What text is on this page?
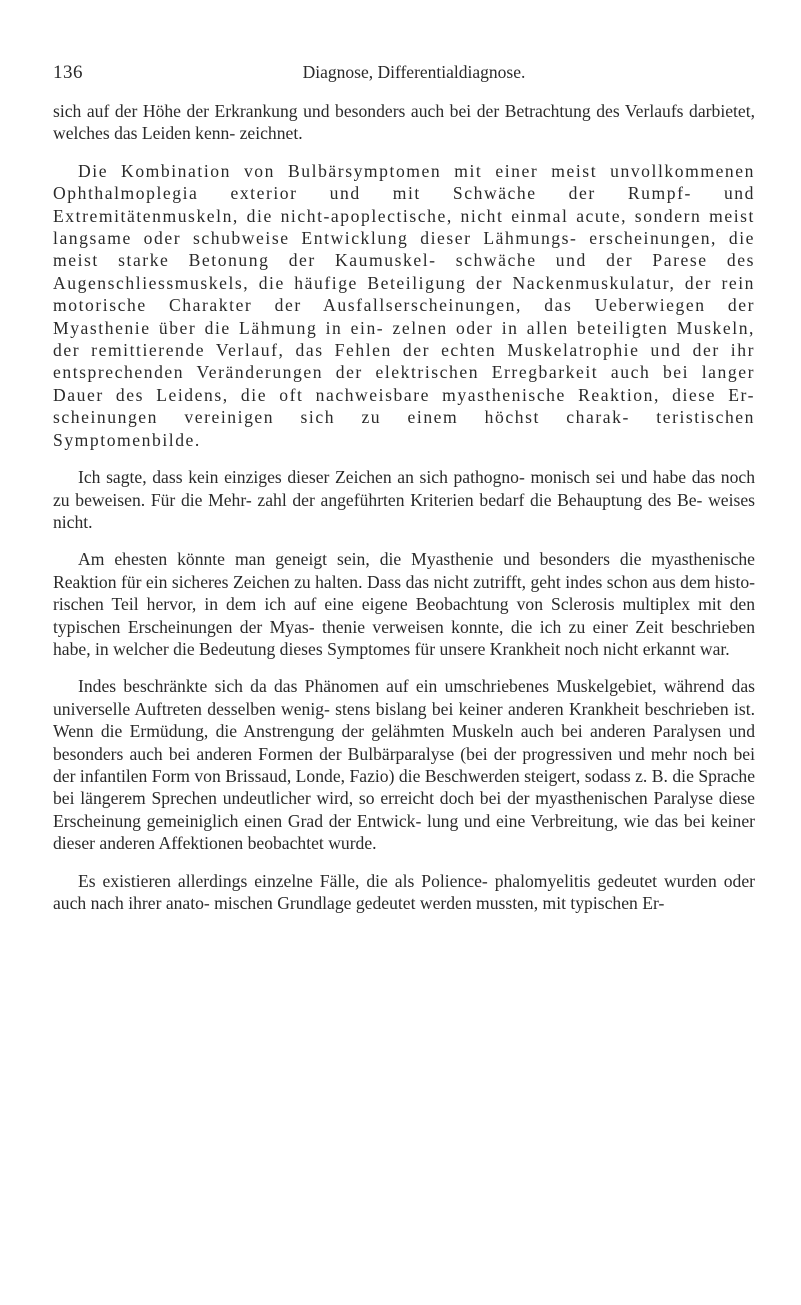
136	Diagnose, Differentialdiagnose.

sich auf der Höhe der Erkrankung und besonders auch bei der Betrachtung des Verlaufs darbietet, welches das Leiden kenn- zeichnet.

Die Kombination von Bulbärsymptomen mit einer meist unvollkommenen Ophthalmoplegia exterior und mit Schwäche der Rumpf- und Extremitätenmuskeln, die nicht-apoplectische, nicht einmal acute, sondern meist langsame oder schubweise Entwicklung dieser Lähmungs- erscheinungen, die meist starke Betonung der Kaumuskel- schwäche und der Parese des Augenschliessmuskels, die häufige Beteiligung der Nackenmuskulatur, der rein motorische Charakter der Ausfallserscheinungen, das Ueberwiegen der Myasthenie über die Lähmung in ein- zelnen oder in allen beteiligten Muskeln, der remittierende Verlauf, das Fehlen der echten Muskelatrophie und der ihr entsprechenden Veränderungen der elektrischen Erregbarkeit auch bei langer Dauer des Leidens, die oft nachweisbare myasthenische Reaktion, diese Er- scheinungen vereinigen sich zu einem höchst charak- teristischen Symptomenbilde.

Ich sagte, dass kein einziges dieser Zeichen an sich pathogno- monisch sei und habe das noch zu beweisen. Für die Mehr- zahl der angeführten Kriterien bedarf die Behauptung des Be- weises nicht.

Am ehesten könnte man geneigt sein, die Myasthenie und besonders die myasthenische Reaktion für ein sicheres Zeichen zu halten. Dass das nicht zutrifft, geht indes schon aus dem histo- rischen Teil hervor, in dem ich auf eine eigene Beobachtung von Sclerosis multiplex mit den typischen Erscheinungen der Myas- thenie verweisen konnte, die ich zu einer Zeit beschrieben habe, in welcher die Bedeutung dieses Symptomes für unsere Krankheit noch nicht erkannt war.

Indes beschränkte sich da das Phänomen auf ein umschriebenes Muskelgebiet, während das universelle Auftreten desselben wenig- stens bislang bei keiner anderen Krankheit beschrieben ist. Wenn die Ermüdung, die Anstrengung der gelähmten Muskeln auch bei anderen Paralysen und besonders auch bei anderen Formen der Bulbärparalyse (bei der progressiven und mehr noch bei der infantilen Form von Brissaud, Londe, Fazio) die Beschwerden steigert, sodass z. B. die Sprache bei längerem Sprechen undeutlicher wird, so erreicht doch bei der myasthenischen Paralyse diese Erscheinung gemeiniglich einen Grad der Entwick- lung und eine Verbreitung, wie das bei keiner dieser anderen Affektionen beobachtet wurde.

Es existieren allerdings einzelne Fälle, die als Polience- phalomyelitis gedeutet wurden oder auch nach ihrer anato- mischen Grundlage gedeutet werden mussten, mit typischen Er-
